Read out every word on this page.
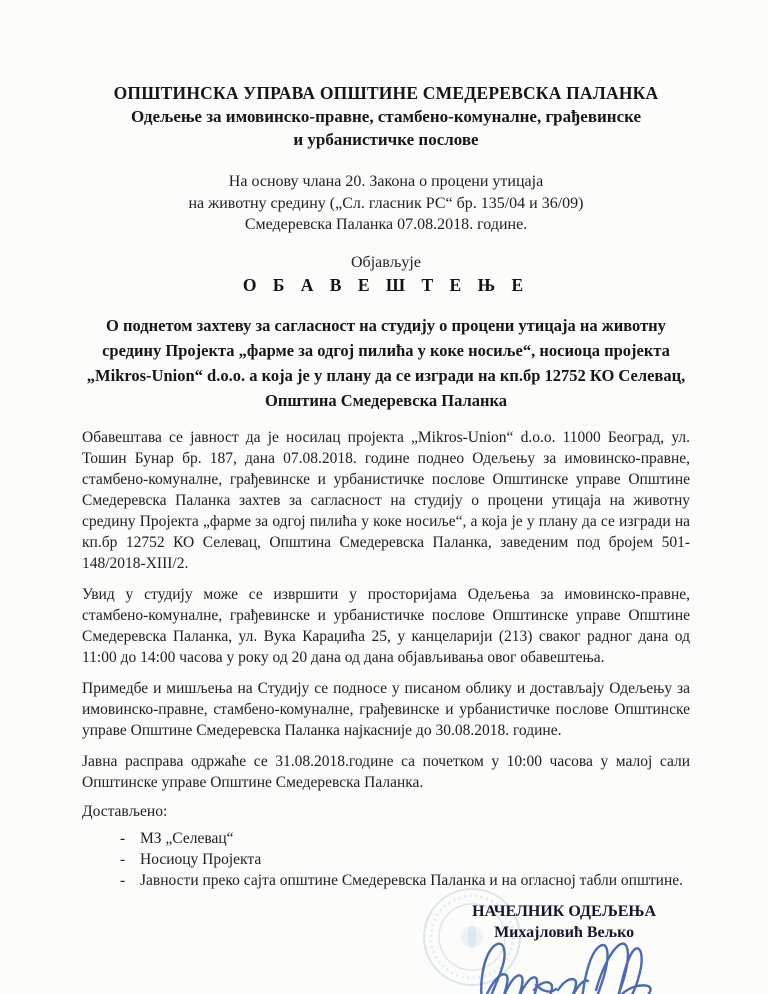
ОПШТИНСКА УПРАВА ОПШТИНЕ СМЕДЕРЕВСКА ПАЛАНКА
Одељење за имовинско-правне, стамбено-комуналне, грађевинске
и урбанистичке послове
На основу члана 20. Закона о процени утицаја
на животну средину („Сл. гласник РС“ бр. 135/04 и 36/09)
Смедеревска Паланка 07.08.2018. године.
Објављује
О Б А В Е Ш Т Е Њ Е
О поднетом захтеву за сагласност на студију о процени утицаја на животну средину Пројекта „фарме за одгој пилића у коке носиље“, носиоца пројекта „Mikros-Union“ d.o.o. а која је у плану да се изгради на кп.бр 12752 КО Селевац, Општина Смедеревска Паланка

Обавештава се јавност да је носилац пројекта „Mikros-Union“ d.o.o. 11000 Београд, ул. Тошин Бунар бр. 187, дана 07.08.2018. године поднео Одељењу за имовинско-правне, стамбено-комуналне, грађевинске и урбанистичке послове Општинске управе Општине Смедеревска Паланка захтев за сагласност на студију о процени утицаја на животну средину Пројекта „фарме за одгој пилића у коке носиље“, а која је у плану да се изгради на кп.бр 12752 КО Селевац, Општина Смедеревска Паланка, заведеним под бројем 501-148/2018-XIII/2.

Увид у студију може се извршити у просторијама Одељења за имовинско-правне, стамбено-комуналне, грађевинске и урбанистичке послове Општинске управе Општине Смедеревска Паланка, ул. Вука Караџића 25, у канцеларији (213) сваког радног дана од 11:00 до 14:00 часова у року од 20 дана од дана објављивања овог обавештења.

Примедбе и мишљења на Студију се подносе у писаном облику и достављају Одељењу за имовинско-правне, стамбено-комуналне, грађевинске и урбанистичке послове Општинске управе Општине Смедеревска Паланка најкасније до 30.08.2018. године.

Јавна расправа одржаће се 31.08.2018.године са почетком у 10:00 часова у малој сали Општинске управе Општине Смедеревска Паланка.

Достављено:
- МЗ „Селевац“
- Носиоцу Пројекта
- Јавности преко сајта општине Смедеревска Паланка и на огласној табли општине.
НАЧЕЛНИК ОДЕЉЕЊА
Михајловић Вељко
